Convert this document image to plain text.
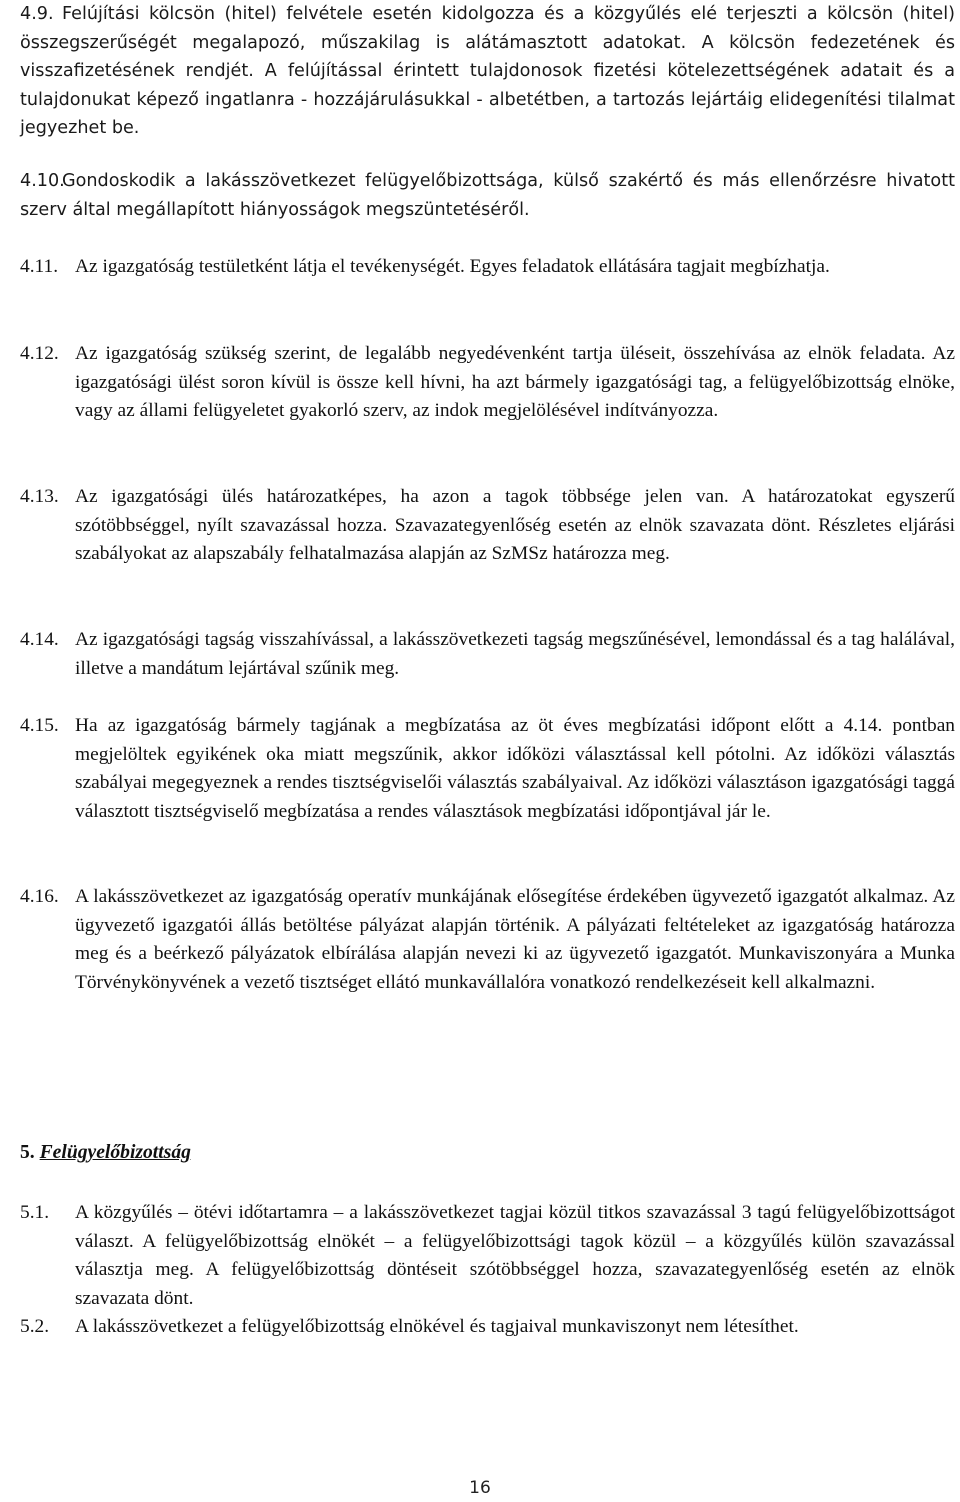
4.9. Felújítási kölcsön (hitel) felvétele esetén kidolgozza és a közgyűlés elé terjeszti a kölcsön (hitel) összegszerűségét megalapozó, műszakilag is alátámasztott adatokat. A kölcsön fedezetének és visszafizetésének rendjét. A felújítással érintett tulajdonosok fizetési kötelezettségének adatait és a tulajdonukat képező ingatlanra - hozzájárulásukkal - albetétben, a tartozás lejártáig elidegenítési tilalmat jegyezhet be.
4.10.
Gondoskodik a lakásszövetkezet felügyelőbizottsága, külső szakértő és más ellenőrzésre hivatott szerv által megállapított hiányosságok megszüntetéséről.
4.11. Az igazgatóság testületként látja el tevékenységét. Egyes feladatok ellátására tagjait megbízhatja.
4.12. Az igazgatóság szükség szerint, de legalább negyedévenként tartja üléseit, összehívása az elnök feladata. Az igazgatósági ülést soron kívül is össze kell hívni, ha azt bármely igazgatósági tag, a felügyelőbizottság elnöke, vagy az állami felügyeletet gyakorló szerv, az indok megjelölésével indítványozza.
4.13. Az igazgatósági ülés határozatképes, ha azon a tagok többsége jelen van. A határozatokat egyszerű szótöbbséggel, nyílt szavazással hozza. Szavazategyenlőség esetén az elnök szavazata dönt. Részletes eljárási szabályokat az alapszabály felhatalmazása alapján az SzMSz határozza meg.
4.14. Az igazgatósági tagság visszahívással, a lakásszövetkezeti tagság megszűnésével, lemondással és a tag halálával, illetve a mandátum lejártával szűnik meg.
4.15. Ha az igazgatóság bármely tagjának a megbízatása az öt éves megbízatási időpont előtt a 4.14. pontban megjelöltek egyikének oka miatt megszűnik, akkor időközi választással kell pótolni. Az időközi választás szabályai megegyeznek a rendes tisztségviselői választás szabályaival. Az időközi választáson igazgatósági taggá választott tisztségviselő megbízatása a rendes választások megbízatási időpontjával jár le.
4.16. A lakásszövetkezet az igazgatóság operatív munkájának elősegítése érdekében ügyvezető igazgatót alkalmaz. Az ügyvezető igazgatói állás betöltése pályázat alapján történik. A pályázati feltételeket az igazgatóság határozza meg és a beérkező pályázatok elbírálása alapján nevezi ki az ügyvezető igazgatót. Munkaviszonyára a Munka Törvénykönyvének a vezető tisztséget ellátó munkavállalóra vonatkozó rendelkezéseit kell alkalmazni.
5. Felügyelőbizottság
5.1.	A közgyűlés – ötévi időtartamra – a lakásszövetkezet tagjai közül titkos szavazással 3 tagú felügyelőbizottságot választ. A felügyelőbizottság elnökét – a felügyelőbizottsági tagok közül – a közgyűlés külön szavazással választja meg. A felügyelőbizottság döntéseit szótöbbséggel hozza, szavazategyenlőség esetén az elnök szavazata dönt.
5.2.	A lakásszövetkezet a felügyelőbizottság elnökével és tagjaival munkaviszonyt nem létesíthet.
16
